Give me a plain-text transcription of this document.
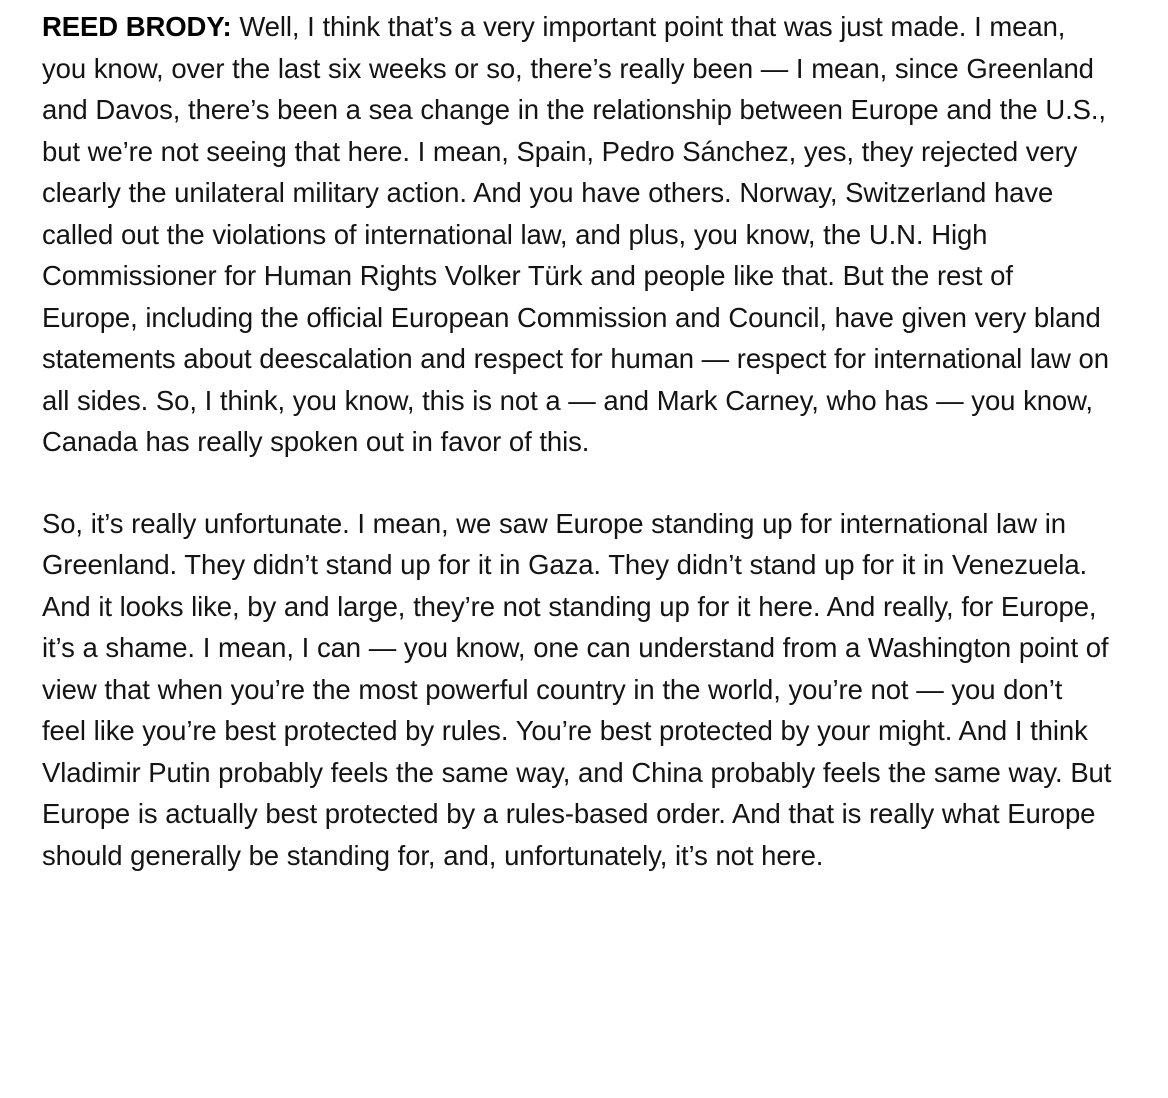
REED BRODY: Well, I think that’s a very important point that was just made. I mean, you know, over the last six weeks or so, there’s really been — I mean, since Greenland and Davos, there’s been a sea change in the relationship between Europe and the U.S., but we’re not seeing that here. I mean, Spain, Pedro Sánchez, yes, they rejected very clearly the unilateral military action. And you have others. Norway, Switzerland have called out the violations of international law, and plus, you know, the U.N. High Commissioner for Human Rights Volker Türk and people like that. But the rest of Europe, including the official European Commission and Council, have given very bland statements about deescalation and respect for human — respect for international law on all sides. So, I think, you know, this is not a — and Mark Carney, who has — you know, Canada has really spoken out in favor of this.

So, it’s really unfortunate. I mean, we saw Europe standing up for international law in Greenland. They didn’t stand up for it in Gaza. They didn’t stand up for it in Venezuela. And it looks like, by and large, they’re not standing up for it here. And really, for Europe, it’s a shame. I mean, I can — you know, one can understand from a Washington point of view that when you’re the most powerful country in the world, you’re not — you don’t feel like you’re best protected by rules. You’re best protected by your might. And I think Vladimir Putin probably feels the same way, and China probably feels the same way. But Europe is actually best protected by a rules-based order. And that is really what Europe should generally be standing for, and, unfortunately, it’s not here.
